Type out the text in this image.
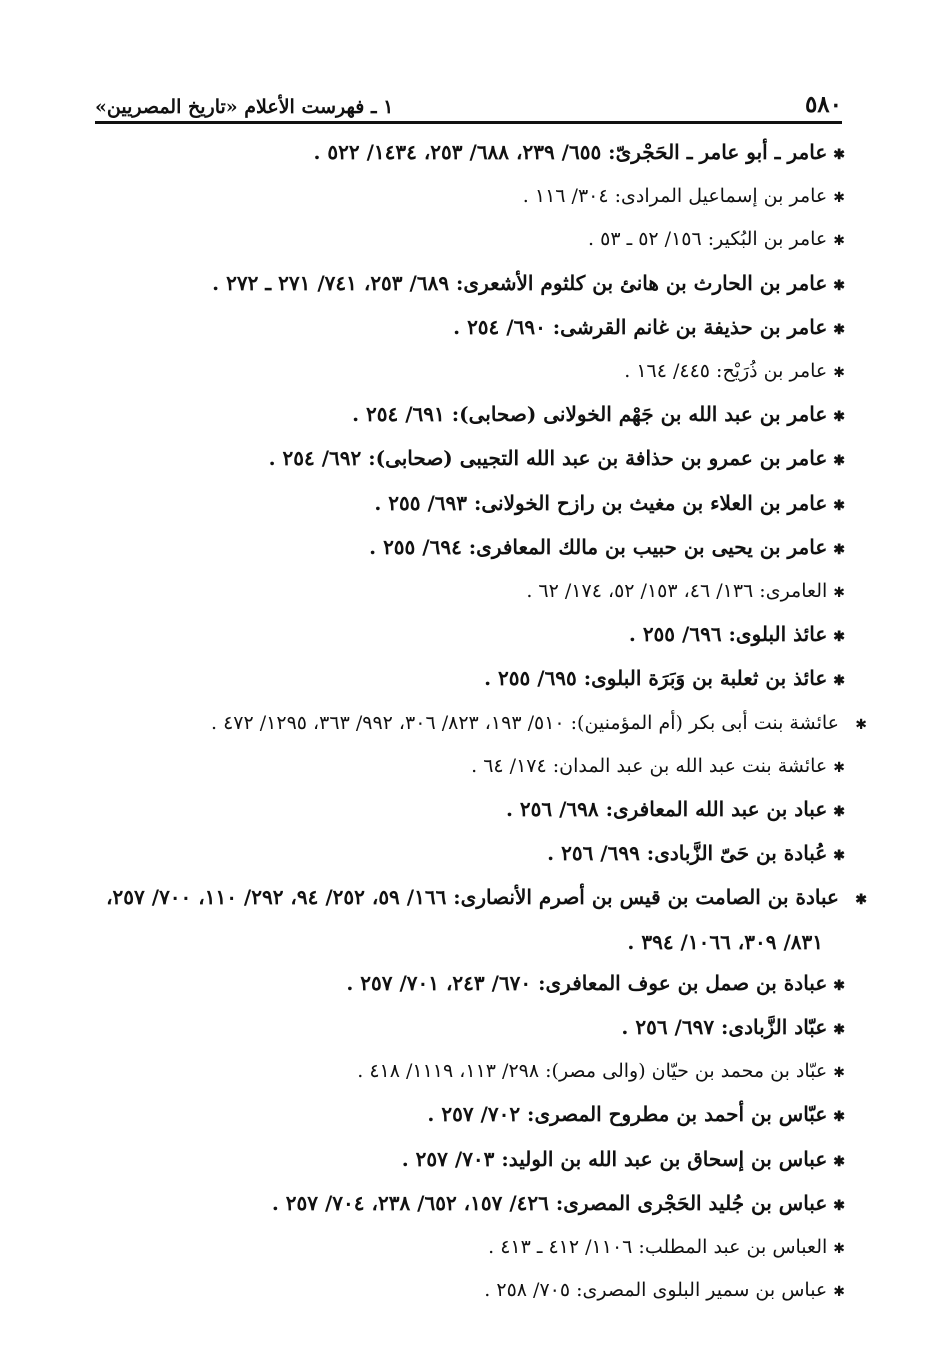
٥٨٠
١ ـ فهرست الأعلام «تاريخ المصريين»
✱عامر ـ أبو عامر ـ الحَجْرىّ: ٦٥٥/ ٢٣٩، ٦٨٨/ ٢٥٣، ١٤٣٤/ ٥٢٢ .
✱عامر بن إسماعيل المرادى: ٣٠٤/ ١١٦ .
✱عامر بن البُكير: ١٥٦/ ٥٢ ـ ٥٣ .
✱عامر بن الحارث بن هانئ بن كلثوم الأشعرى: ٦٨٩/ ٢٥٣، ٧٤١/ ٢٧١ ـ ٢٧٢ .
✱عامر بن حذيفة بن غانم القرشى: ٦٩٠/ ٢٥٤ .
✱عامر بن ذُرَيْح: ٤٤٥/ ١٦٤ .
✱عامر بن عبد الله بن جَهْم الخولانى (صحابى): ٦٩١/ ٢٥٤ .
✱عامر بن عمرو بن حذافة بن عبد الله التجيبى (صحابى): ٦٩٢/ ٢٥٤ .
✱عامر بن العلاء بن مغيث بن رازح الخولانى: ٦٩٣/ ٢٥٥ .
✱عامر بن يحيى بن حبيب بن مالك المعافرى: ٦٩٤/ ٢٥٥ .
✱العامرى: ١٣٦/ ٤٦، ١٥٣/ ٥٢، ١٧٤/ ٦٢ .
✱عائذ البلوى: ٦٩٦/ ٢٥٥ .
✱عائذ بن ثعلبة بن وَبَرَة البلوى: ٦٩٥/ ٢٥٥ .
✱عائشة بنت أبى بكر (أم المؤمنين): ٥١٠/ ١٩٣، ٨٢٣/ ٣٠٦، ٩٩٢/ ٣٦٣، ١٢٩٥/ ٤٧٢ .
✱عائشة بنت عبد الله بن عبد المدان: ١٧٤/ ٦٤ .
✱عباد بن عبد الله المعافرى: ٦٩٨/ ٢٥٦ .
✱عُبادة بن حَىّ الزَّبادى: ٦٩٩/ ٢٥٦ .
✱عبادة بن الصامت بن قيس بن أصرم الأنصارى: ١٦٦/ ٥٩، ٢٥٢/ ٩٤، ٢٩٢/ ١١٠، ٧٠٠/ ٢٥٧، ٨٣١/ ٣٠٩، ١٠٦٦/ ٣٩٤ .
✱عبادة بن صمل بن عوف المعافرى: ٦٧٠/ ٢٤٣، ٧٠١/ ٢٥٧ .
✱عبّاد الزَّبادى: ٦٩٧/ ٢٥٦ .
✱عبّاد بن محمد بن حيّان (والى مصر): ٢٩٨/ ١١٣، ١١١٩/ ٤١٨ .
✱عبّاس بن أحمد بن مطروح المصرى: ٧٠٢/ ٢٥٧ .
✱عباس بن إسحاق بن عبد الله بن الوليد: ٧٠٣/ ٢٥٧ .
✱عباس بن جُليد الحَجْرى المصرى: ٤٢٦/ ١٥٧، ٦٥٢/ ٢٣٨، ٧٠٤/ ٢٥٧ .
✱العباس بن عبد المطلب: ١١٠٦/ ٤١٢ ـ ٤١٣ .
✱عباس بن سمير البلوى المصرى: ٧٠٥/ ٢٥٨ .
